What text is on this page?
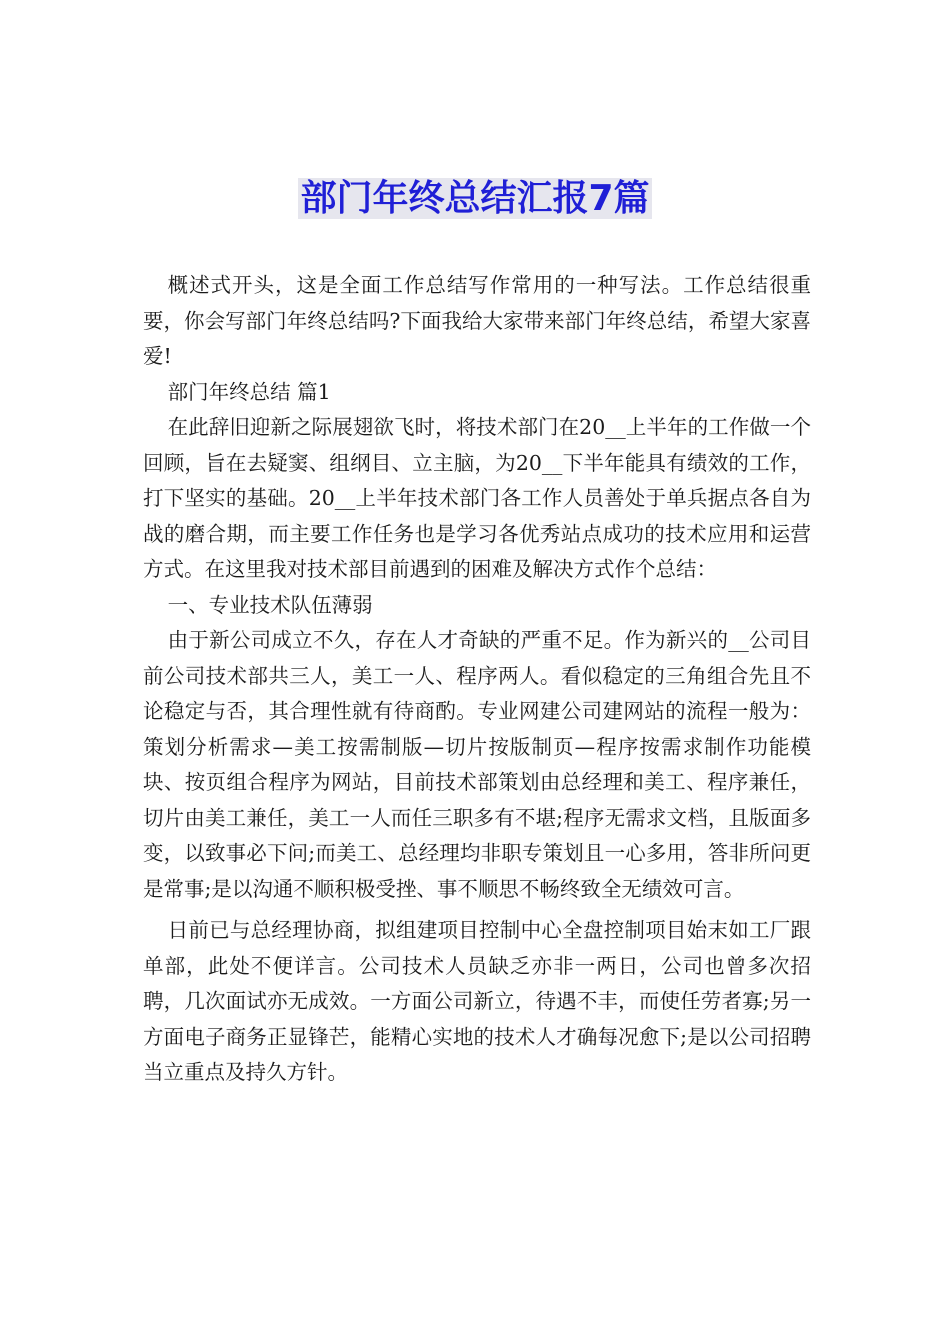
部门年终总结汇报7篇

概述式开头，这是全面工作总结写作常用的一种写法。工作总结很重要，你会写部门年终总结吗?下面我给大家带来部门年终总结，希望大家喜爱!

部门年终总结 篇1

在此辞旧迎新之际展翅欲飞时，将技术部门在20__上半年的工作做一个回顾，旨在去疑窦、组纲目、立主脑，为20__下半年能具有绩效的工作，打下坚实的基础。20__上半年技术部门各工作人员善处于单兵据点各自为战的磨合期，而主要工作任务也是学习各优秀站点成功的技术应用和运营方式。在这里我对技术部目前遇到的困难及解决方式作个总结：

一、专业技术队伍薄弱

由于新公司成立不久，存在人才奇缺的严重不足。作为新兴的__公司目前公司技术部共三人，美工一人、程序两人。看似稳定的三角组合先且不论稳定与否，其合理性就有待商酌。专业网建公司建网站的流程一般为：策划分析需求—美工按需制版—切片按版制页—程序按需求制作功能模块、按页组合程序为网站，目前技术部策划由总经理和美工、程序兼任，切片由美工兼任，美工一人而任三职多有不堪;程序无需求文档，且版面多变，以致事必下问;而美工、总经理均非职专策划且一心多用，答非所问更是常事;是以沟通不顺积极受挫、事不顺思不畅终致全无绩效可言。

日前已与总经理协商，拟组建项目控制中心全盘控制项目始末如工厂跟单部，此处不便详言。公司技术人员缺乏亦非一两日，公司也曾多次招聘，几次面试亦无成效。一方面公司新立，待遇不丰，而使任劳者寡;另一方面电子商务正显锋芒，能精心实地的技术人才确每况愈下;是以公司招聘当立重点及持久方针。
